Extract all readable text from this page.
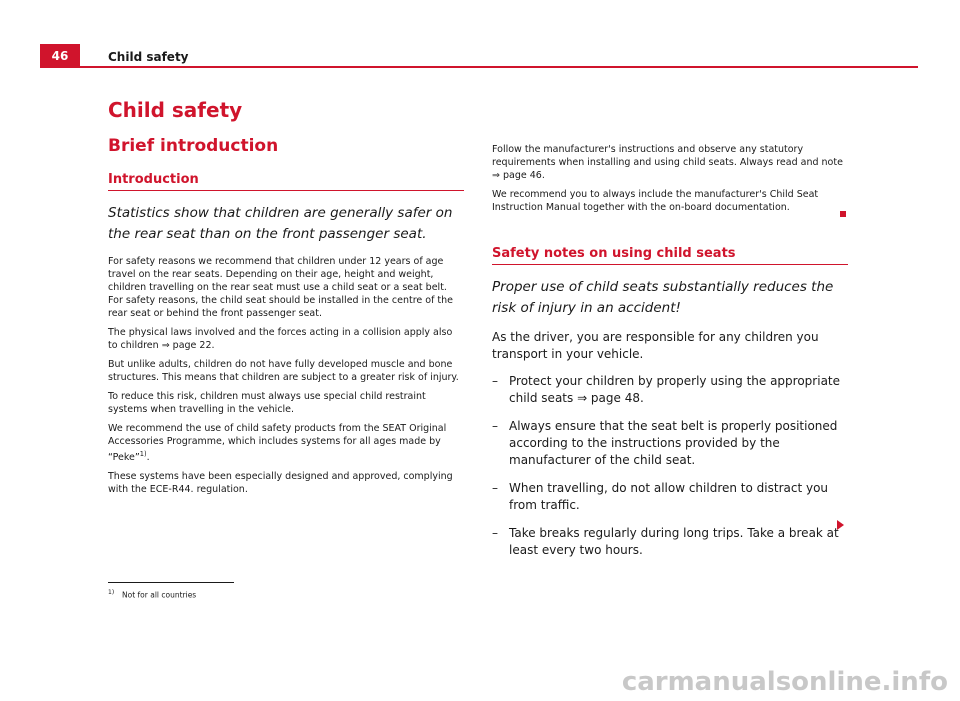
46	Child safety
Child safety
Brief introduction
Introduction

Statistics show that children are generally safer on the rear seat than on the front passenger seat.

For safety reasons we recommend that children under 12 years of age travel on the rear seats. Depending on their age, height and weight, children travelling on the rear seat must use a child seat or a seat belt. For safety reasons, the child seat should be installed in the centre of the rear seat or behind the front passenger seat.

The physical laws involved and the forces acting in a collision apply also to children ⇒ page 22.

But unlike adults, children do not have fully developed muscle and bone structures. This means that children are subject to a greater risk of injury.

To reduce this risk, children must always use special child restraint systems when travelling in the vehicle.

We recommend the use of child safety products from the SEAT Original Accessories Programme, which includes systems for all ages made by “Peke”$^{1)}$.

These systems have been especially designed and approved, complying with the ECE-R44. regulation.

Follow the manufacturer's instructions and observe any statutory requirements when installing and using child seats. Always read and note ⇒ page 46.

We recommend you to always include the manufacturer's Child Seat Instruction Manual together with the on-board documentation.

Safety notes on using child seats

Proper use of child seats substantially reduces the risk of injury in an accident!

As the driver, you are responsible for any children you transport in your vehicle.

– Protect your children by properly using the appropriate child seats ⇒ page 48.
– Always ensure that the seat belt is properly positioned according to the instructions provided by the manufacturer of the child seat.
– When travelling, do not allow children to distract you from traffic.
– Take breaks regularly during long trips. Take a break at least every two hours.
1) Not for all countries
carmanualsonline.info
